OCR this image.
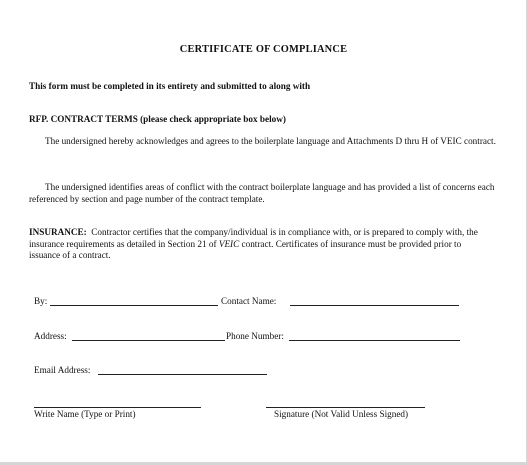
CERTIFICATE OF COMPLIANCE
This form must be completed in its entirety and submitted to along with
RFP. CONTRACT TERMS (please check appropriate box below)
The undersigned hereby acknowledges and agrees to the boilerplate language and Attachments D thru H of VEIC contract.
The undersigned identifies areas of conflict with the contract boilerplate language and has provided a list of concerns each referenced by section and page number of the contract template.
INSURANCE: Contractor certifies that the company/individual is in compliance with, or is prepared to comply with, the insurance requirements as detailed in Section 21 of VEIC contract. Certificates of insurance must be provided prior to issuance of a contract.
By:	Contact Name:
Address:	Phone Number:
Email Address:
Write Name (Type or Print)	Signature (Not Valid Unless Signed)
